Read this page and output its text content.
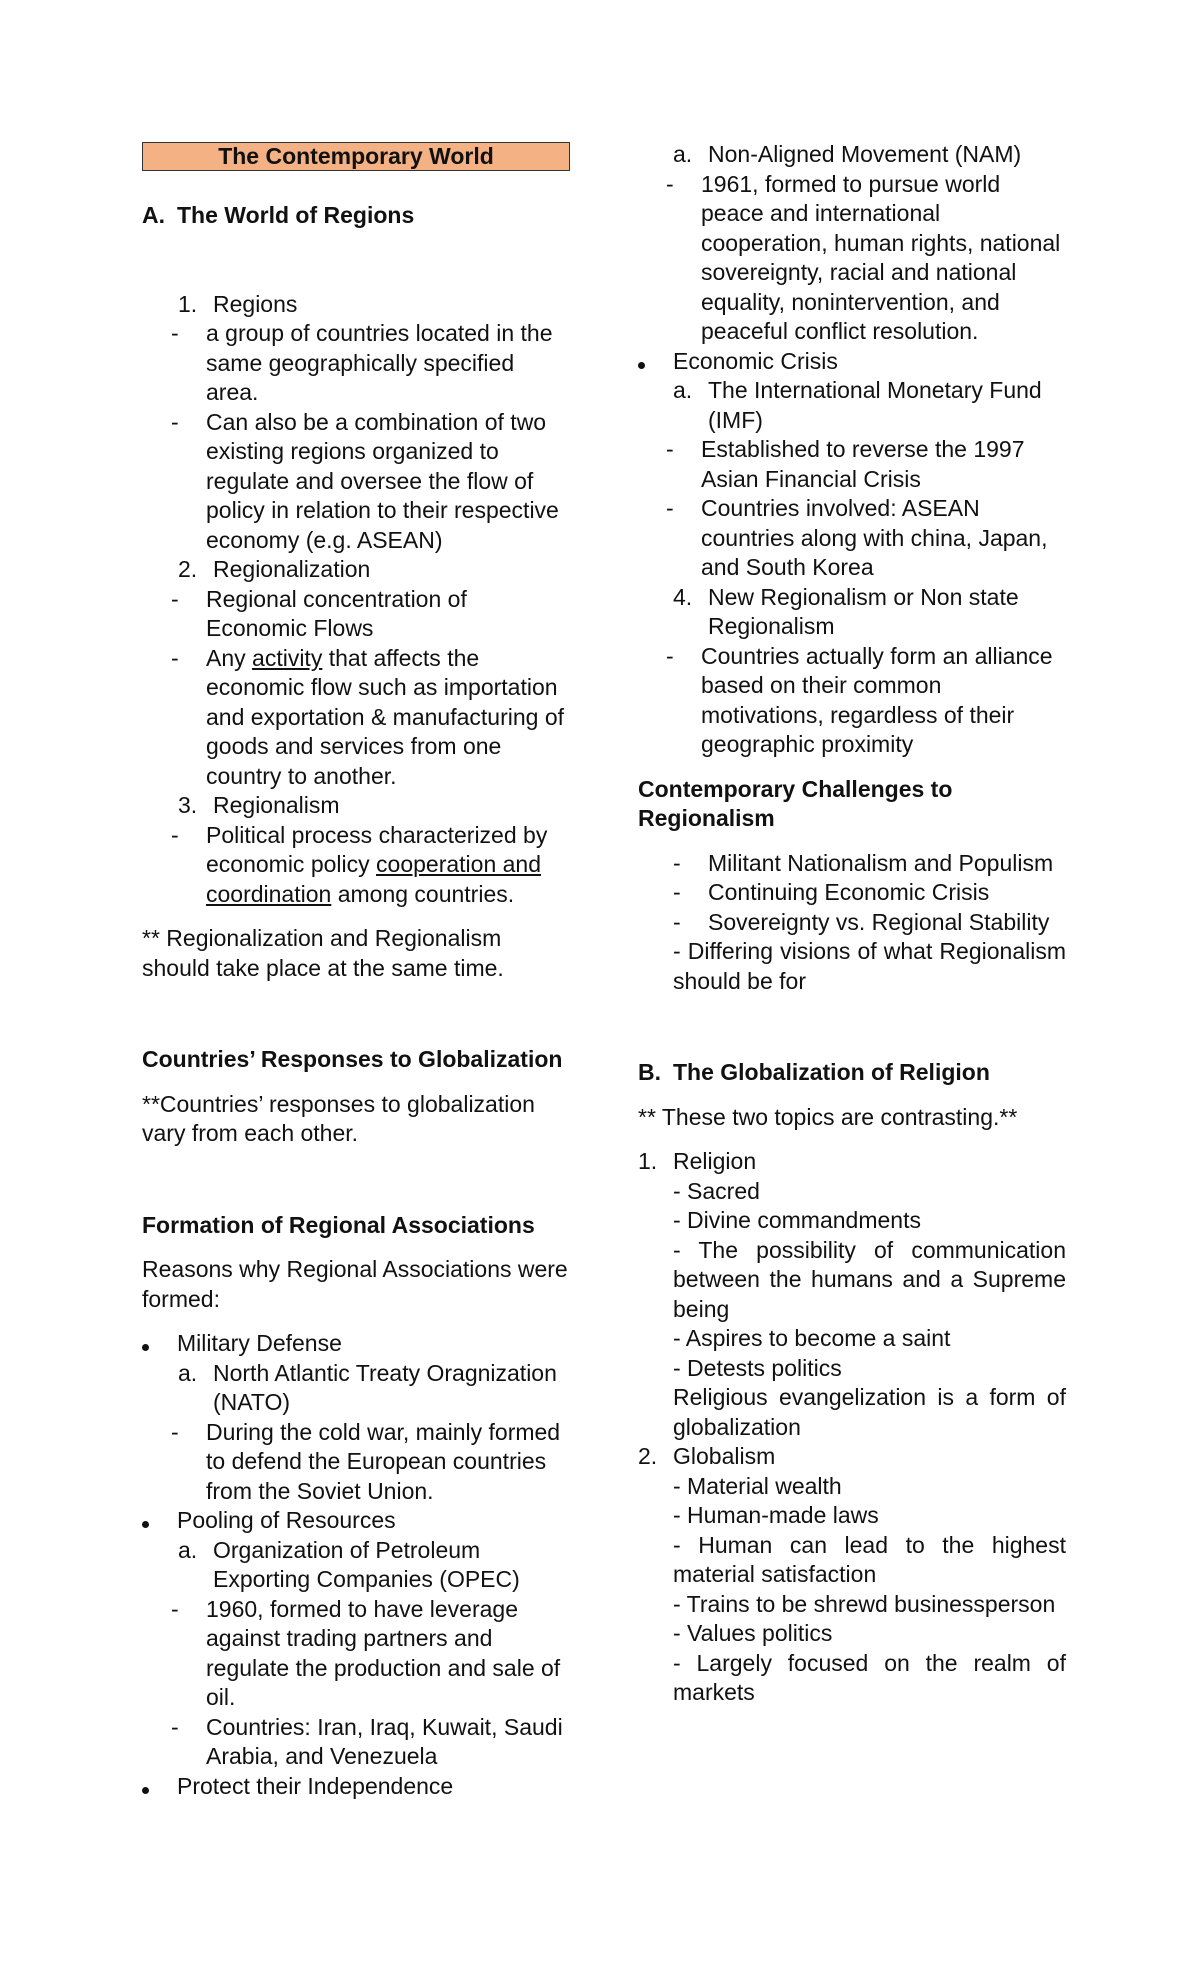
The Contemporary World
A. The World of Regions
1. Regions
-	a group of countries located in the same geographically specified area.
-	Can also be a combination of two existing regions organized to regulate and oversee the flow of policy in relation to their respective economy (e.g. ASEAN)
2. Regionalization
-	Regional concentration of Economic Flows
-	Any activity that affects the economic flow such as importation and exportation & manufacturing of goods and services from one country to another.
3. Regionalism
-	Political process characterized by economic policy cooperation and coordination among countries.

** Regionalization and Regionalism should take place at the same time.

Countries’ Responses to Globalization

**Countries’ responses to globalization vary from each other.

Formation of Regional Associations

Reasons why Regional Associations were formed:

Military Defense
a. North Atlantic Treaty Oragnization (NATO)
-	During the cold war, mainly formed to defend the European countries from the Soviet Union.
Pooling of Resources
a. Organization of Petroleum Exporting Companies (OPEC)
-	1960, formed to have leverage against trading partners and regulate the production and sale of oil.
-	Countries: Iran, Iraq, Kuwait, Saudi Arabia, and Venezuela
Protect their Independence
a. Non-Aligned Movement (NAM)
-	1961, formed to pursue world peace and international cooperation, human rights, national sovereignty, racial and national equality, nonintervention, and peaceful conflict resolution.
Economic Crisis
a. The International Monetary Fund (IMF)
-	Established to reverse the 1997 Asian Financial Crisis
-	Countries involved: ASEAN countries along with china, Japan, and South Korea
4. New Regionalism or Non state Regionalism
-	Countries actually form an alliance based on their common motivations, regardless of their geographic proximity

Contemporary Challenges to Regionalism

-	Militant Nationalism and Populism
-	Continuing Economic Crisis
-	Sovereignty vs. Regional Stability

- Differing visions of what Regionalism should be for

B. The Globalization of Religion

** These two topics are contrasting.**

1. Religion

- Sacred

- Divine commandments

- The possibility of communication between the humans and a Supreme being

- Aspires to become a saint

- Detests politics

Religious evangelization is a form of globalization

2. Globalism

- Material wealth

- Human-made laws

- Human can lead to the highest material satisfaction

- Trains to be shrewd businessperson

- Values politics

- Largely focused on the realm of markets
